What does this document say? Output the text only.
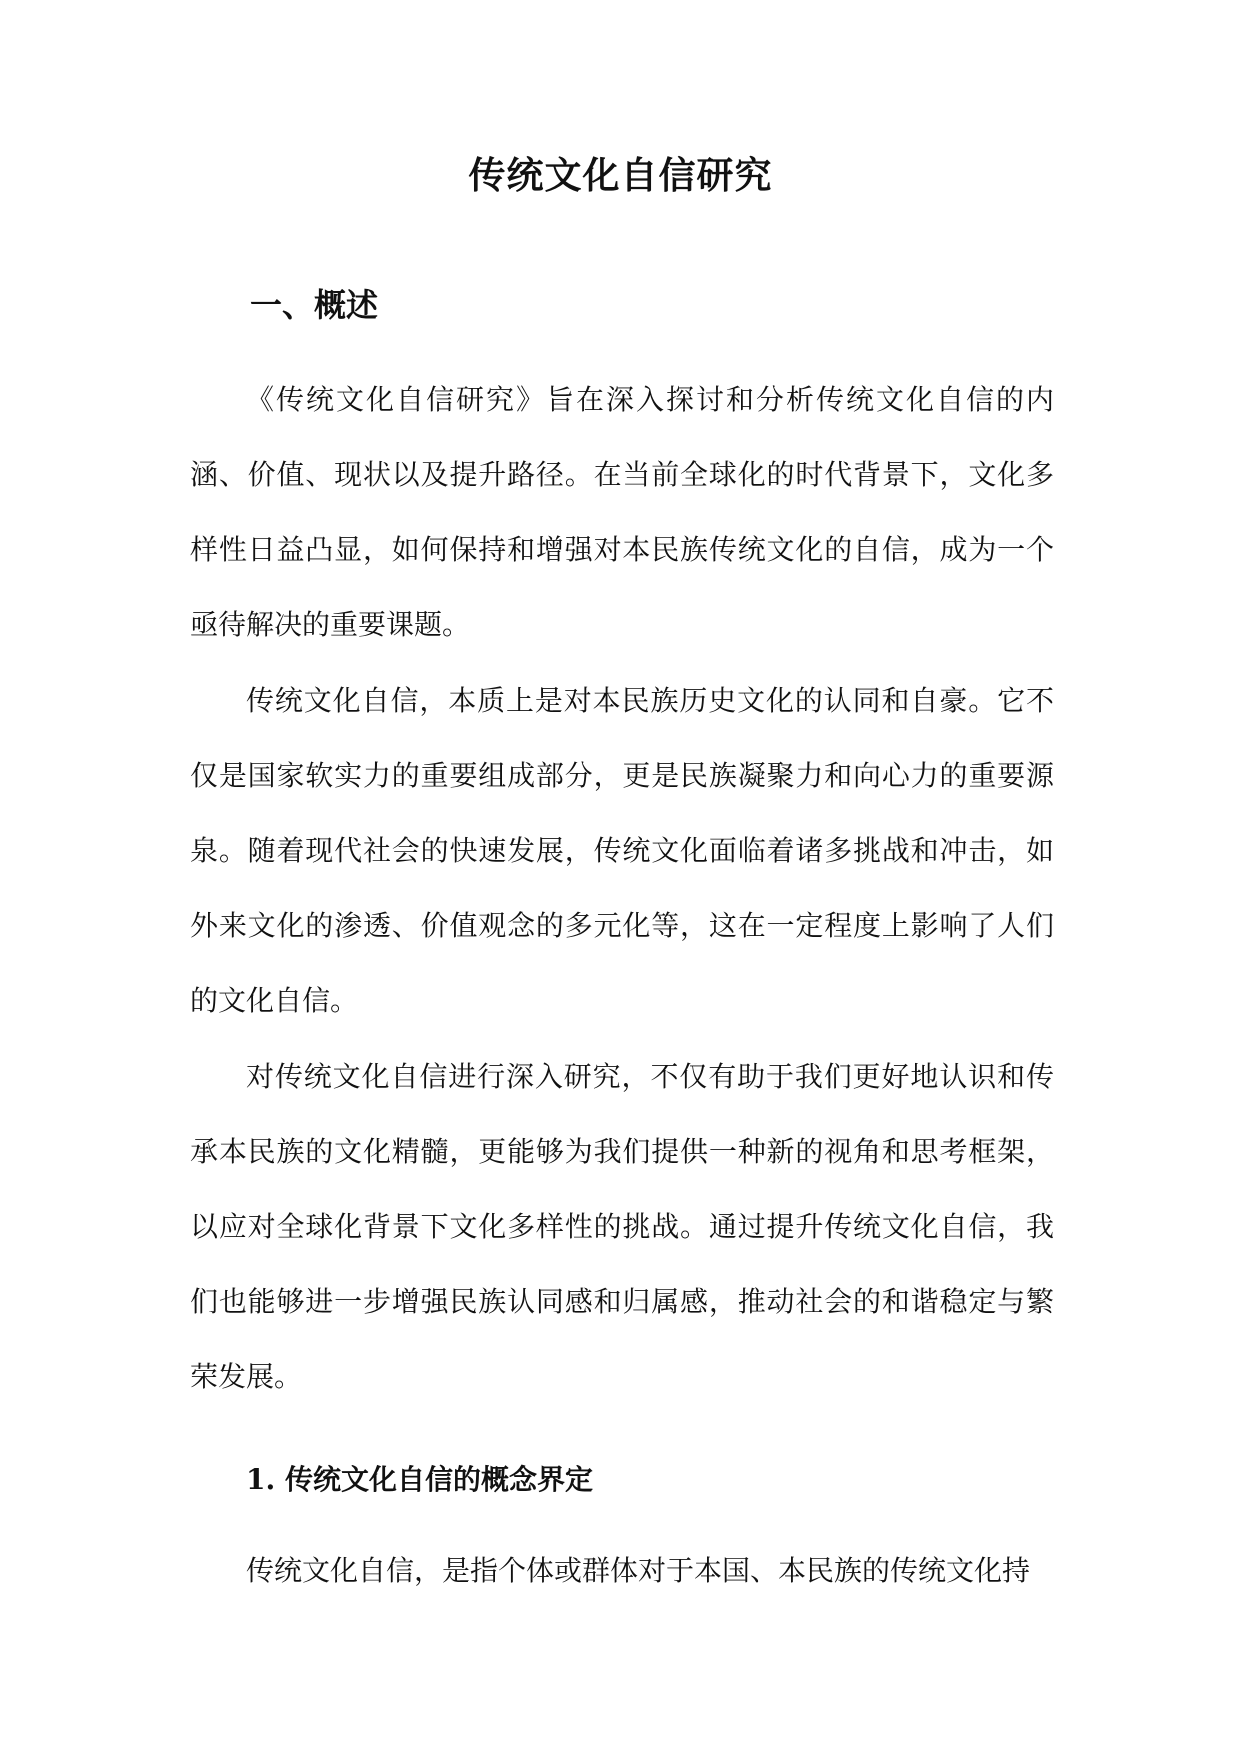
传统文化自信研究
一、概述

《传统文化自信研究》旨在深入探讨和分析传统文化自信的内涵、价值、现状以及提升路径。在当前全球化的时代背景下，文化多样性日益凸显，如何保持和增强对本民族传统文化的自信，成为一个亟待解决的重要课题。

传统文化自信，本质上是对本民族历史文化的认同和自豪。它不仅是国家软实力的重要组成部分，更是民族凝聚力和向心力的重要源泉。随着现代社会的快速发展，传统文化面临着诸多挑战和冲击，如外来文化的渗透、价值观念的多元化等，这在一定程度上影响了人们的文化自信。

对传统文化自信进行深入研究，不仅有助于我们更好地认识和传承本民族的文化精髓，更能够为我们提供一种新的视角和思考框架，以应对全球化背景下文化多样性的挑战。通过提升传统文化自信，我们也能够进一步增强民族认同感和归属感，推动社会的和谐稳定与繁荣发展。

1. 传统文化自信的概念界定

传统文化自信，是指个体或群体对于本国、本民族的传统文化持
